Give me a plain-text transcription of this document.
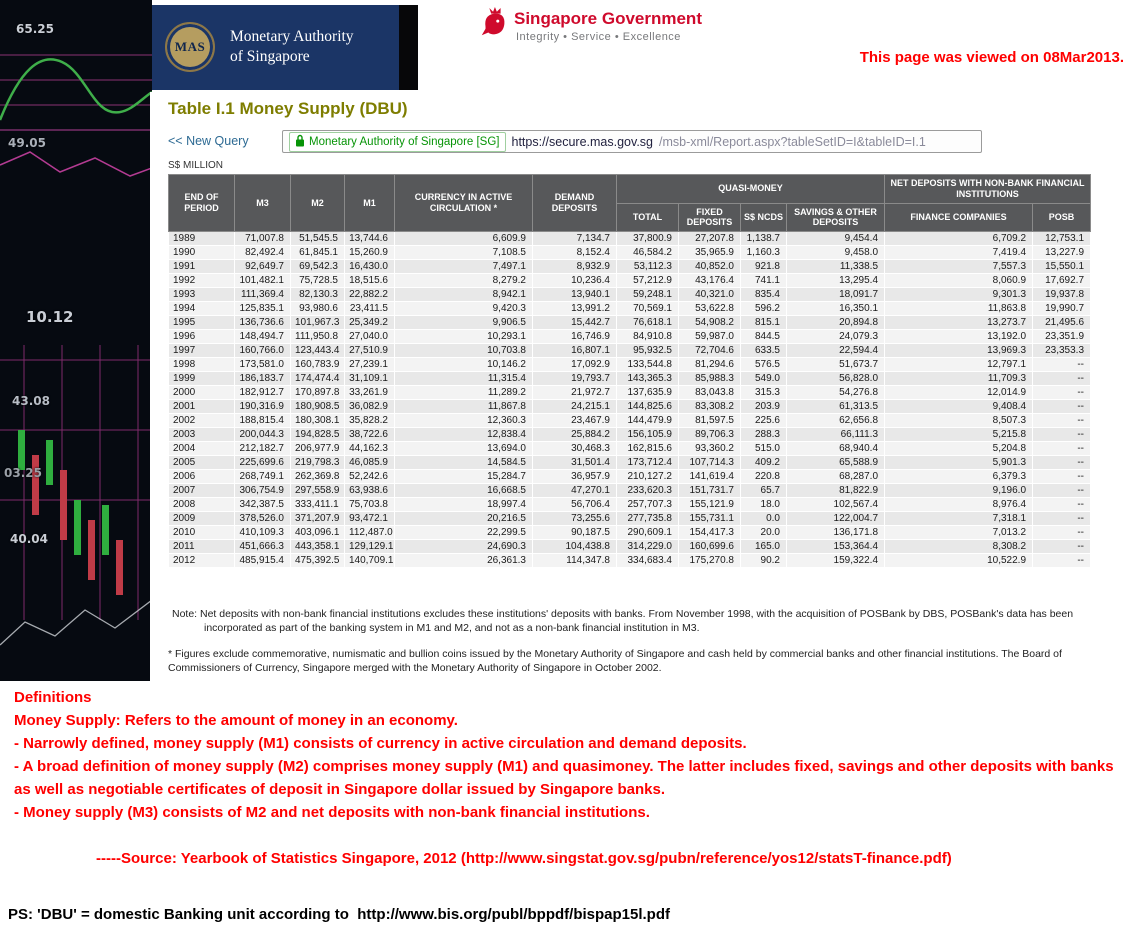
65.25
49.05
10.12
43.08
03.25
40.04
MAS
Monetary Authority
of Singapore
Singapore Government
Integrity • Service • Excellence
This page was viewed on 08Mar2013.
Table I.1 Money Supply (DBU)
<< New Query	Monetary Authority of Singapore [SG] https://secure.mas.gov.sg /msb-xml/Report.aspx?tableSetID=I&tableID=I.1
S$ MILLION
END OF PERIOD	M3	M2	M1	CURRENCY IN ACTIVE CIRCULATION *	DEMAND DEPOSITS	QUASI-MONEY				NET DEPOSITS WITH NON-BANK FINANCIAL INSTITUTIONS	
						TOTAL	FIXED DEPOSITS	S$ NCDS	SAVINGS & OTHER DEPOSITS	FINANCE COMPANIES	POSB
1989	71,007.8	51,545.5	13,744.6	6,609.9	7,134.7	37,800.9	27,207.8	1,138.7	9,454.4	6,709.2	12,753.1
1990	82,492.4	61,845.1	15,260.9	7,108.5	8,152.4	46,584.2	35,965.9	1,160.3	9,458.0	7,419.4	13,227.9
1991	92,649.7	69,542.3	16,430.0	7,497.1	8,932.9	53,112.3	40,852.0	921.8	11,338.5	7,557.3	15,550.1
1992	101,482.1	75,728.5	18,515.6	8,279.2	10,236.4	57,212.9	43,176.4	741.1	13,295.4	8,060.9	17,692.7
1993	111,369.4	82,130.3	22,882.2	8,942.1	13,940.1	59,248.1	40,321.0	835.4	18,091.7	9,301.3	19,937.8
1994	125,835.1	93,980.6	23,411.5	9,420.3	13,991.2	70,569.1	53,622.8	596.2	16,350.1	11,863.8	19,990.7
1995	136,736.6	101,967.3	25,349.2	9,906.5	15,442.7	76,618.1	54,908.2	815.1	20,894.8	13,273.7	21,495.6
1996	148,494.7	111,950.8	27,040.0	10,293.1	16,746.9	84,910.8	59,987.0	844.5	24,079.3	13,192.0	23,351.9
1997	160,766.0	123,443.4	27,510.9	10,703.8	16,807.1	95,932.5	72,704.6	633.5	22,594.4	13,969.3	23,353.3
1998	173,581.0	160,783.9	27,239.1	10,146.2	17,092.9	133,544.8	81,294.6	576.5	51,673.7	12,797.1	--
1999	186,183.7	174,474.4	31,109.1	11,315.4	19,793.7	143,365.3	85,988.3	549.0	56,828.0	11,709.3	--
2000	182,912.7	170,897.8	33,261.9	11,289.2	21,972.7	137,635.9	83,043.8	315.3	54,276.8	12,014.9	--
2001	190,316.9	180,908.5	36,082.9	11,867.8	24,215.1	144,825.6	83,308.2	203.9	61,313.5	9,408.4	--
2002	188,815.4	180,308.1	35,828.2	12,360.3	23,467.9	144,479.9	81,597.5	225.6	62,656.8	8,507.3	--
2003	200,044.3	194,828.5	38,722.6	12,838.4	25,884.2	156,105.9	89,706.3	288.3	66,111.3	5,215.8	--
2004	212,182.7	206,977.9	44,162.3	13,694.0	30,468.3	162,815.6	93,360.2	515.0	68,940.4	5,204.8	--
2005	225,699.6	219,798.3	46,085.9	14,584.5	31,501.4	173,712.4	107,714.3	409.2	65,588.9	5,901.3	--
2006	268,749.1	262,369.8	52,242.6	15,284.7	36,957.9	210,127.2	141,619.4	220.8	68,287.0	6,379.3	--
2007	306,754.9	297,558.9	63,938.6	16,668.5	47,270.1	233,620.3	151,731.7	65.7	81,822.9	9,196.0	--
2008	342,387.5	333,411.1	75,703.8	18,997.4	56,706.4	257,707.3	155,121.9	18.0	102,567.4	8,976.4	--
2009	378,526.0	371,207.9	93,472.1	20,216.5	73,255.6	277,735.8	155,731.1	0.0	122,004.7	7,318.1	--
2010	410,109.3	403,096.1	112,487.0	22,299.5	90,187.5	290,609.1	154,417.3	20.0	136,171.8	7,013.2	--
2011	451,666.3	443,358.1	129,129.1	24,690.3	104,438.8	314,229.0	160,699.6	165.0	153,364.4	8,308.2	--
2012	485,915.4	475,392.5	140,709.1	26,361.3	114,347.8	334,683.4	175,270.8	90.2	159,322.4	10,522.9	--
Note: Net deposits with non-bank financial institutions excludes these institutions' deposits with banks. From November 1998, with the acquisition of POSBank by DBS, POSBank's data has been incorporated as part of the banking system in M1 and M2, and not as a non-bank financial institution in M3.
* Figures exclude commemorative, numismatic and bullion coins issued by the Monetary Authority of Singapore and cash held by commercial banks and other financial institutions. The Board of Commissioners of Currency, Singapore merged with the Monetary Authority of Singapore in October 2002.
Definitions
Money Supply: Refers to the amount of money in an economy.
- Narrowly defined, money supply (M1) consists of currency in active circulation and demand deposits.
- A broad definition of money supply (M2) comprises money supply (M1) and quasimoney. The latter includes fixed, savings and other deposits with banks as well as negotiable certificates of deposit in Singapore dollar issued by Singapore banks.
- Money supply (M3) consists of M2 and net deposits with non-bank financial institutions.
-----Source: Yearbook of Statistics Singapore, 2012 (http://www.singstat.gov.sg/pubn/reference/yos12/statsT-finance.pdf)
PS: 'DBU' = domestic Banking unit according to  http://www.bis.org/publ/bppdf/bispap15l.pdf
